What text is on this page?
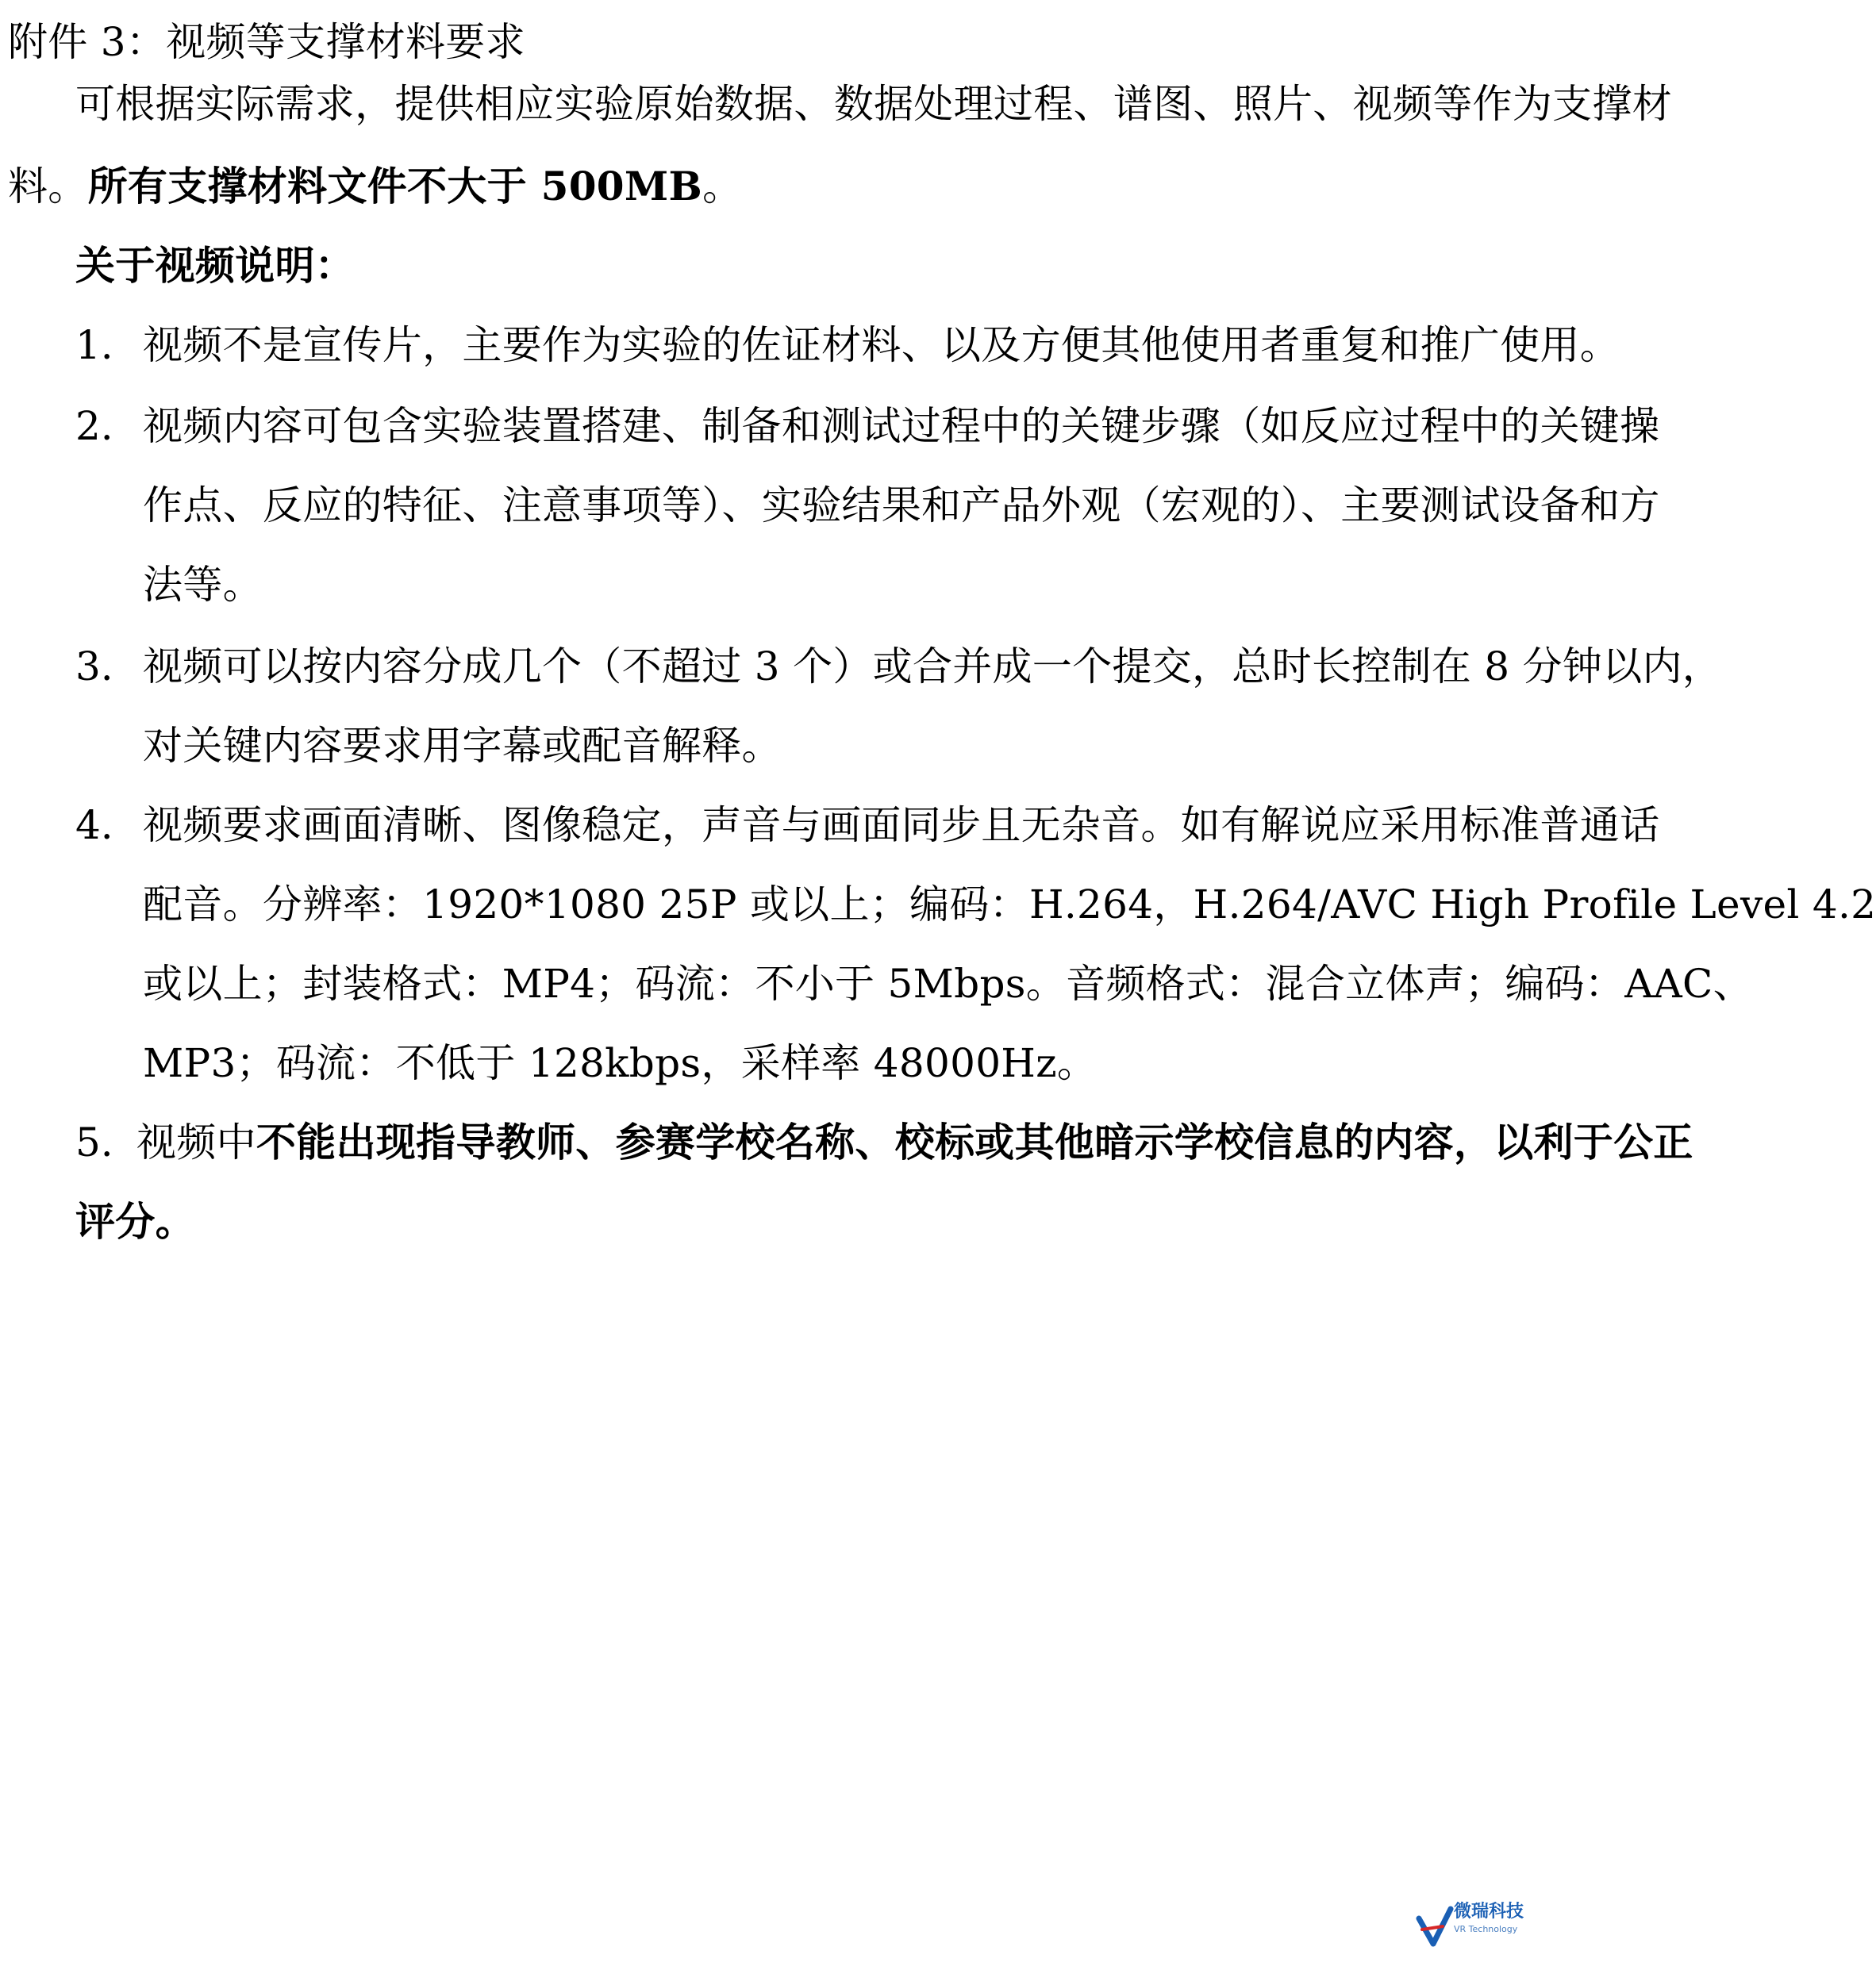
附件 3：视频等支撑材料要求
可根据实际需求，提供相应实验原始数据、数据处理过程、谱图、照片、视频等作为支撑材
料。所有支撑材料文件不大于 500MB。
关于视频说明：
1. 视频不是宣传片，主要作为实验的佐证材料、以及方便其他使用者重复和推广使用。
2. 视频内容可包含实验装置搭建、制备和测试过程中的关键步骤（如反应过程中的关键操
作点、反应的特征、注意事项等）、实验结果和产品外观（宏观的）、主要测试设备和方
法等。
3. 视频可以按内容分成几个（不超过 3 个）或合并成一个提交，总时长控制在 8 分钟以内，
对关键内容要求用字幕或配音解释。
4. 视频要求画面清晰、图像稳定，声音与画面同步且无杂音。如有解说应采用标准普通话
配音。分辨率：1920*1080 25P 或以上；编码：H.264，H.264/AVC High Profile Level 4.2
或以上；封装格式：MP4；码流：不小于 5Mbps。音频格式：混合立体声；编码：AAC、
MP3；码流：不低于 128kbps，采样率 48000Hz。
5. 视频中不能出现指导教师、参赛学校名称、校标或其他暗示学校信息的内容，以利于公正
评分。
微瑞科技
VR Technology
